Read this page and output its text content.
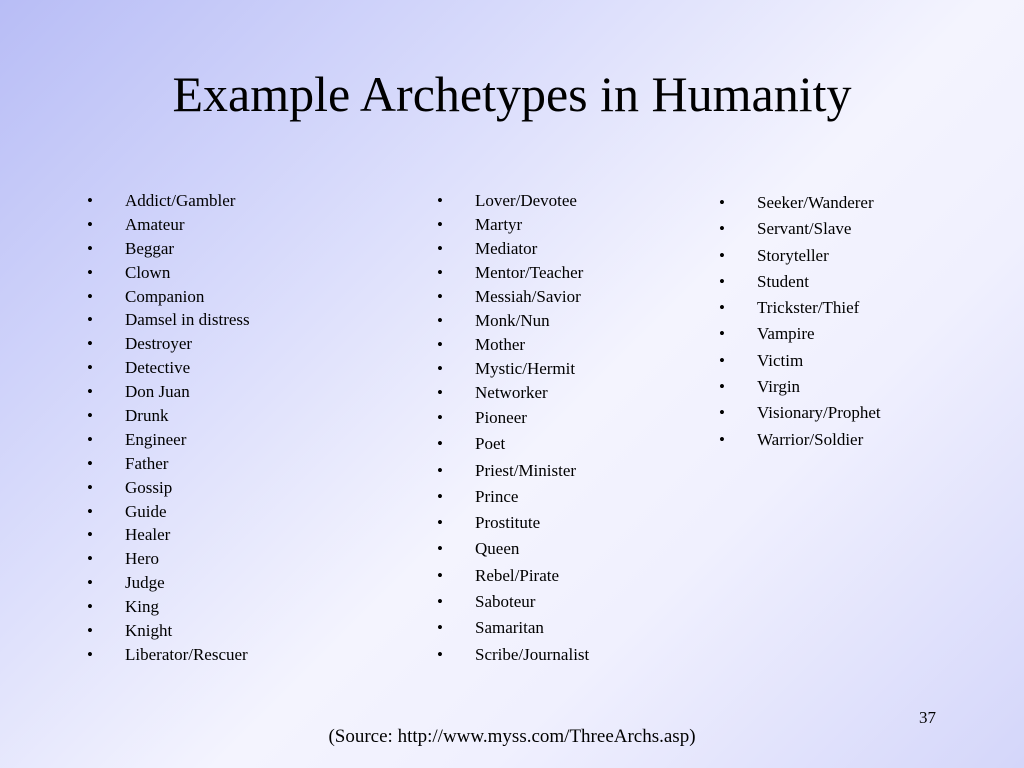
Example Archetypes in Humanity
• Addict/Gambler
• Amateur
• Beggar
• Clown
• Companion
• Damsel in distress
• Destroyer
• Detective
• Don Juan
• Drunk
• Engineer
• Father
• Gossip
• Guide
• Healer
• Hero
• Judge
• King
• Knight
• Liberator/Rescuer
• Lover/Devotee
• Martyr
• Mediator
• Mentor/Teacher
• Messiah/Savior
• Monk/Nun
• Mother
• Mystic/Hermit
• Networker
• Pioneer
• Poet
• Priest/Minister
• Prince
• Prostitute
• Queen
• Rebel/Pirate
• Saboteur
• Samaritan
• Scribe/Journalist
• Seeker/Wanderer
• Servant/Slave
• Storyteller
• Student
• Trickster/Thief
• Vampire
• Victim
• Virgin
• Visionary/Prophet
• Warrior/Soldier
37
(Source: http://www.myss.com/ThreeArchs.asp)
